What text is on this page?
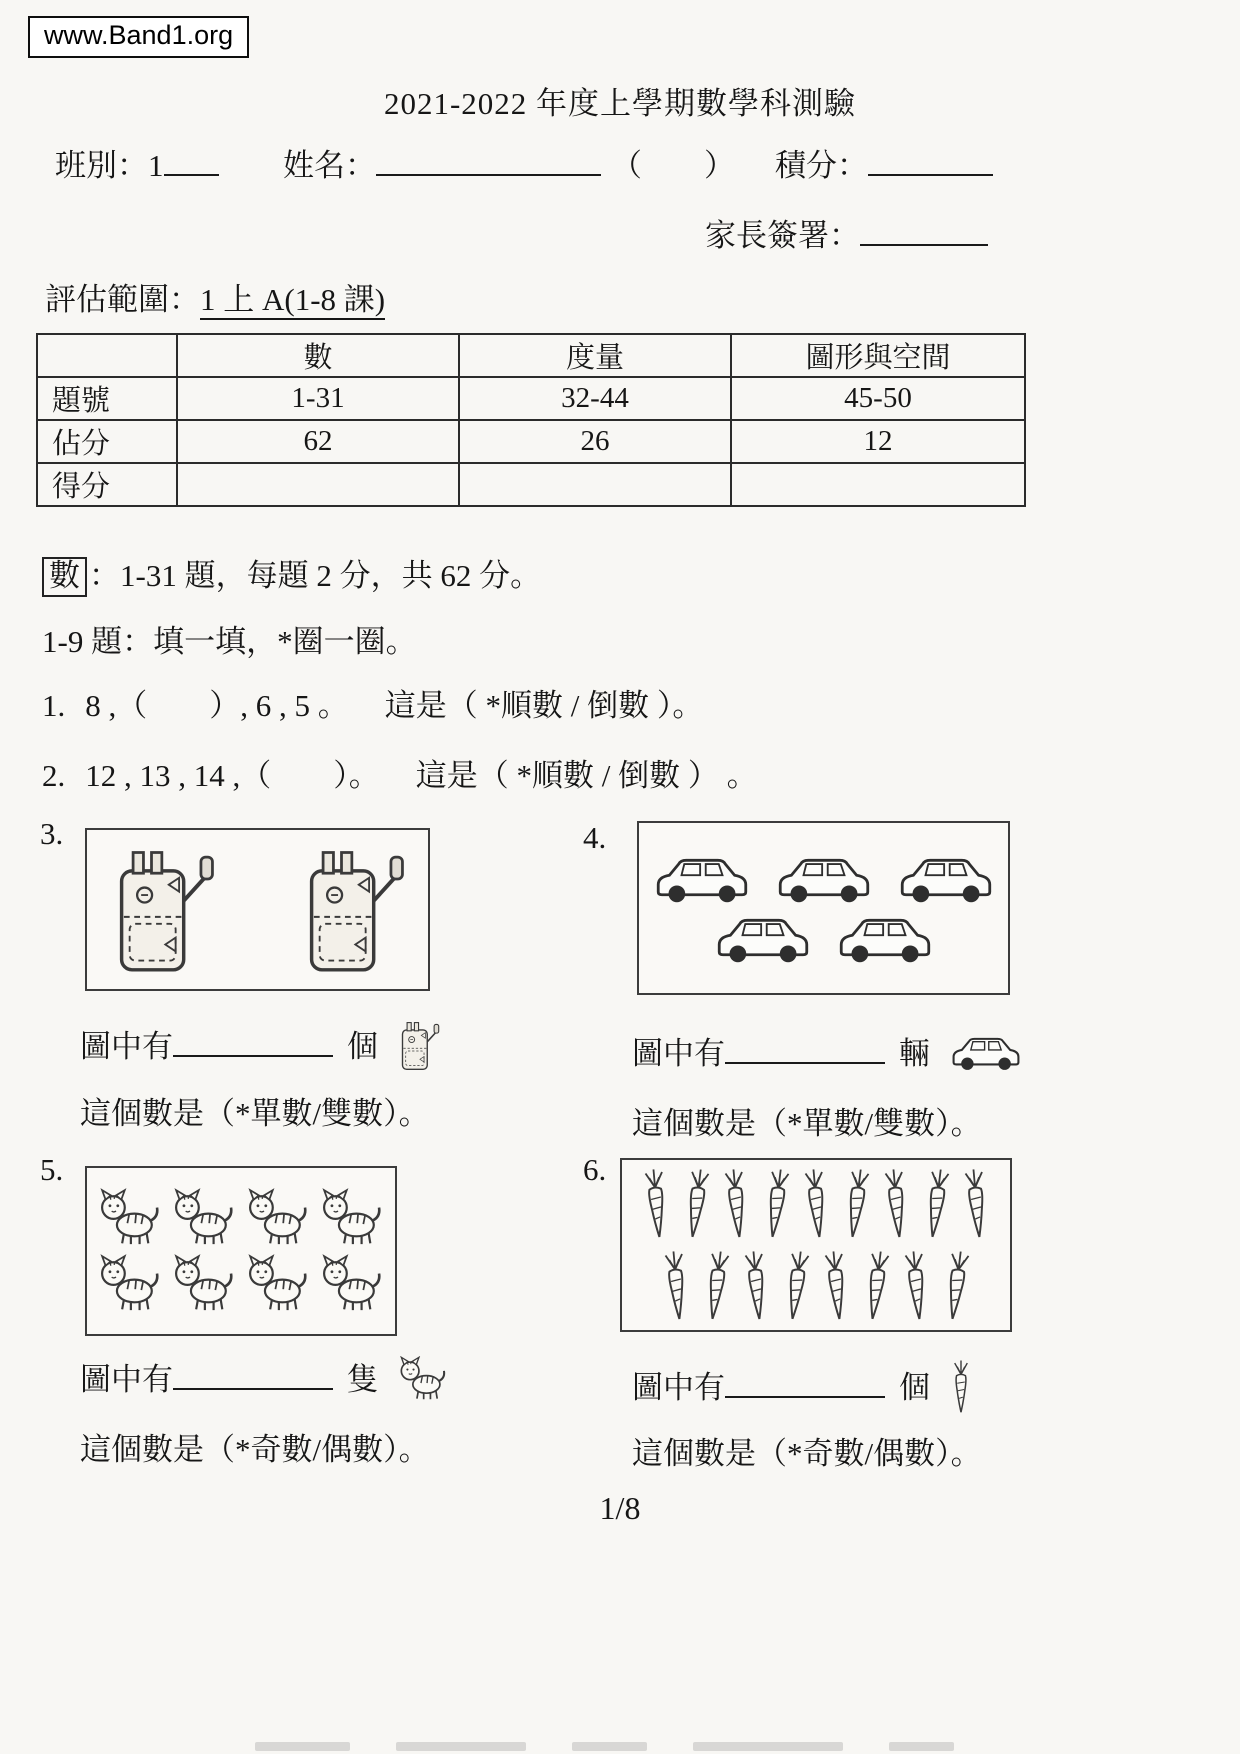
www.Band1.org
2021-2022 年度上學期數學科測驗
班別：1	姓名：	（　　） 積分：
家長簽署：
評估範圍：1 上 A(1-8 課)
	數	度量	圖形與空間
題號	1-31	32-44	45-50
佔分	62	26	12
得分			
數 ：1-31 題，每題 2 分，共 62 分。
1-9 題：填一填，*圈一圈。
1. 8 ,（　　）, 6 , 5 。 這是（ *順數 / 倒數 ）。
2. 12 , 13 , 14 ,（　　）。 這是（ *順數 / 倒數 ） 。
3.
圖中有	個
這個數是（*單數/雙數）。
4.
圖中有	輛
這個數是（*單數/雙數）。
5.
圖中有	隻
這個數是（*奇數/偶數）。
6.
圖中有	個
這個數是（*奇數/偶數）。
1/8
